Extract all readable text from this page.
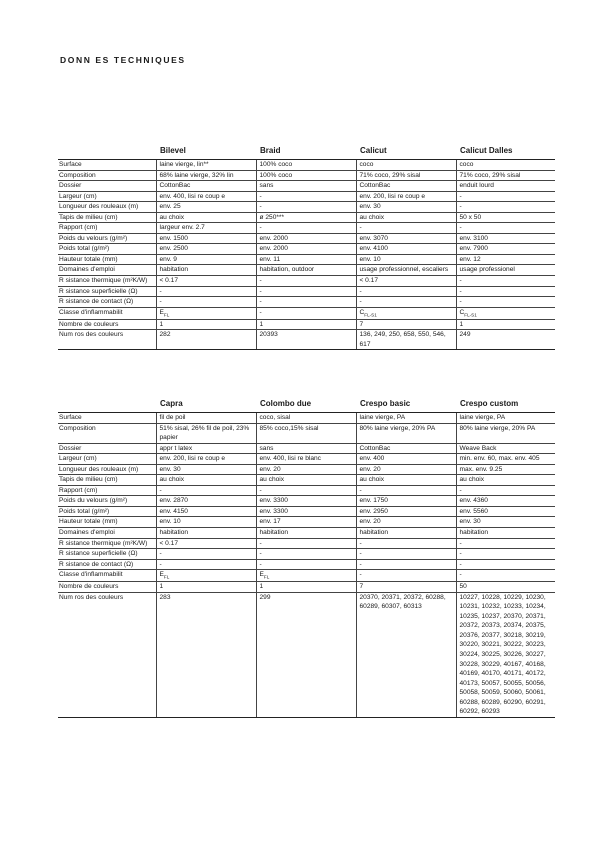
DONN ES TECHNIQUES
	Bilevel	Braid	Calicut	Calicut Dalles
Surface	laine vierge, lin**	100% coco	coco	coco
Composition	68% laine vierge, 32% lin	100% coco	71% coco, 29% sisal	71% coco, 29% sisal
Dossier	CottonBac	sans	CottonBac	enduit lourd
Largeur (cm)	env. 400, lisi re coup e	-	env. 200, lisi re coup e	-
Longueur des rouleaux (m)	env. 25	-	env. 30	-
Tapis de milieu (cm)	au choix	ø 250***	au choix	50 x 50
Rapport (cm)	largeur env. 2.7	-	-	-
Poids du velours (g/m²)	env. 1500	env. 2000	env. 3070	env. 3100
Poids total (g/m²)	env. 2500	env. 2000	env. 4100	env. 7900
Hauteur totale (mm)	env. 9	env. 11	env. 10	env. 12
Domaines d'emploi	habitation	habitation, outdoor	usage professionnel, escaliers	usage professionel
R sistance thermique (m²K/W)	< 0.17	-	< 0.17	-
R sistance superficielle (Ω)	-	-	-	-
R sistance de contact (Ω)	-	-	-	-
Classe d'inflammabilit	$E_{FL}$	-	$C_{FL-S1}$	$C_{FL-S1}$
Nombre de couleurs	1	1	7	1
Num ros des couleurs	282	20393	136, 249, 250, 658, 550, 546, 617	249
	Capra	Colombo due	Crespo basic	Crespo custom
Surface	fil de poil	coco, sisal	laine vierge, PA	laine vierge, PA
Composition	51% sisal, 26% fil de poil, 23% papier	85% coco,15% sisal	80% laine vierge, 20% PA	80% laine vierge, 20% PA
Dossier	appr t latex	sans	CottonBac	Weave Back
Largeur (cm)	env. 200, lisi re coup e	env. 400, lisi re blanc	env. 400	min. env. 60, max. env. 405
Longueur des rouleaux (m)	env. 30	env. 20	env. 20	max. env. 9.25
Tapis de milieu (cm)	au choix	au choix	au choix	au choix
Rapport (cm)	-	-	-	-
Poids du velours (g/m²)	env. 2870	env. 3300	env. 1750	env. 4360
Poids total (g/m²)	env. 4150	env. 3300	env. 2950	env. 5560
Hauteur totale (mm)	env. 10	env. 17	env. 20	env. 30
Domaines d'emploi	habitation	habitation	habitation	habitation
R sistance thermique (m²K/W)	< 0.17	-	-	-
R sistance superficielle (Ω)	-	-	-	-
R sistance de contact (Ω)	-	-	-	-
Classe d'inflammabilit	$E_{FL}$	$E_{FL}$	-	-
Nombre de couleurs	1	1	7	50
Num ros des couleurs	283	299	20370, 20371, 20372, 60288, 60289, 60307, 60313	10227, 10228, 10229, 10230, 10231, 10232, 10233, 10234, 10235, 10237, 20370, 20371, 20372, 20373, 20374, 20375, 20376, 20377, 30218, 30219, 30220, 30221, 30222, 30223, 30224, 30225, 30226, 30227, 30228, 30229, 40167, 40168, 40169, 40170, 40171, 40172, 40173, 50057, 50055, 50056, 50058, 50059, 50060, 50061, 60288, 60289, 60290, 60291, 60292, 60293
